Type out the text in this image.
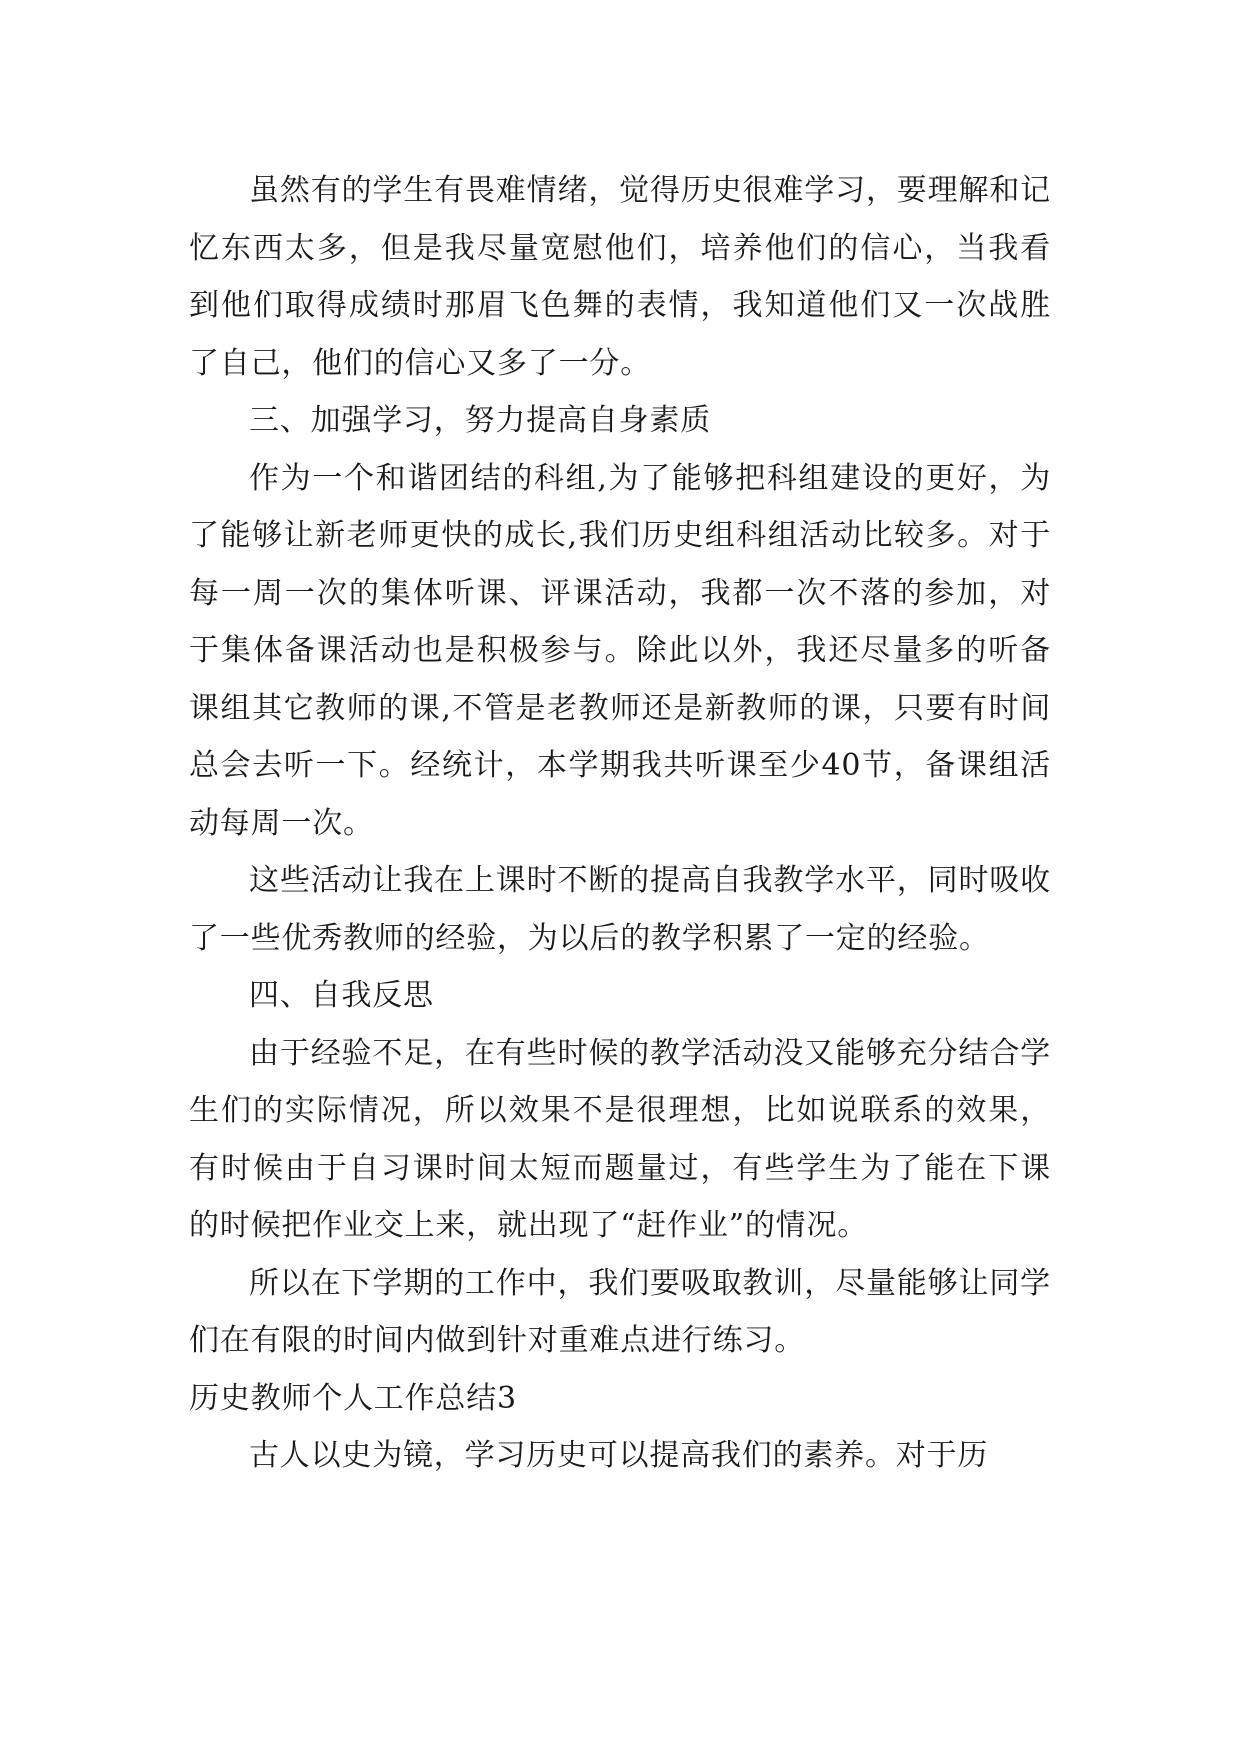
虽然有的学生有畏难情绪，觉得历史很难学习，要理解和记忆东西太多，但是我尽量宽慰他们，培养他们的信心，当我看到他们取得成绩时那眉飞色舞的表情，我知道他们又一次战胜了自己，他们的信心又多了一分。

三、加强学习，努力提高自身素质

作为一个和谐团结的科组,为了能够把科组建设的更好，为了能够让新老师更快的成长,我们历史组科组活动比较多。对于每一周一次的集体听课、评课活动，我都一次不落的参加，对于集体备课活动也是积极参与。除此以外，我还尽量多的听备课组其它教师的课,不管是老教师还是新教师的课，只要有时间总会去听一下。经统计，本学期我共听课至少40节，备课组活动每周一次。

这些活动让我在上课时不断的提高自我教学水平，同时吸收了一些优秀教师的经验，为以后的教学积累了一定的经验。

四、自我反思

由于经验不足，在有些时候的教学活动没又能够充分结合学生们的实际情况，所以效果不是很理想，比如说联系的效果，有时候由于自习课时间太短而题量过，有些学生为了能在下课的时候把作业交上来，就出现了“赶作业”的情况。

所以在下学期的工作中，我们要吸取教训，尽量能够让同学们在有限的时间内做到针对重难点进行练习。

历史教师个人工作总结3

古人以史为镜，学习历史可以提高我们的素养。对于历
